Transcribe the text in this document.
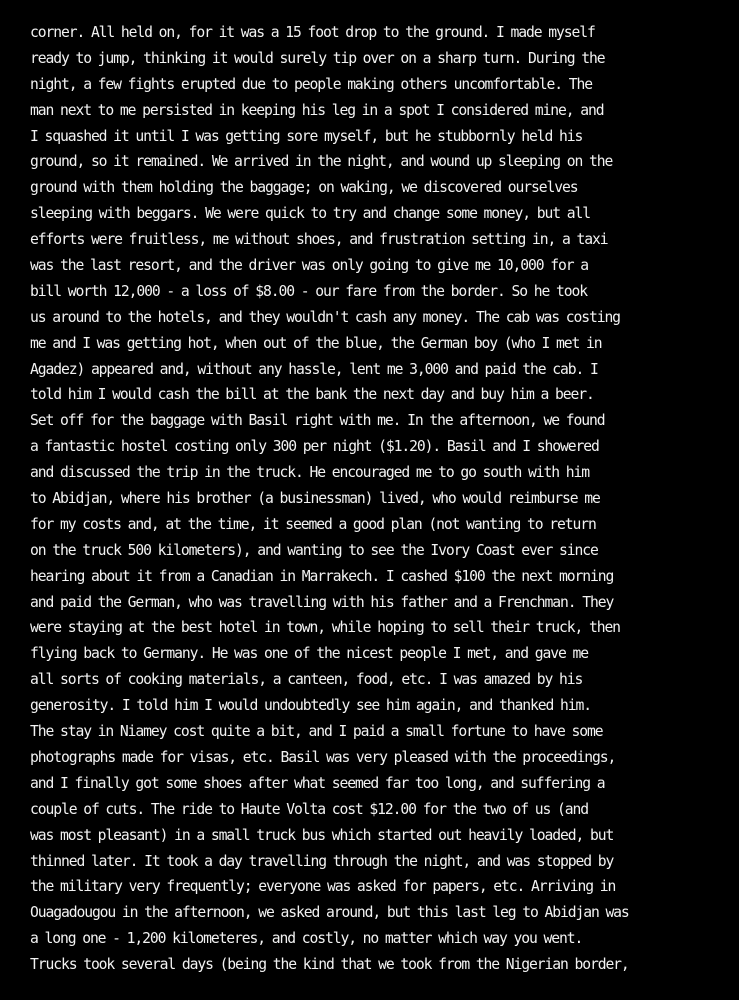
corner. All held on, for it was a 15 foot drop to the ground. I made myself
ready to jump, thinking it would surely tip over on a sharp turn. During the
night, a few fights erupted due to people making others uncomfortable. The
man next to me persisted in keeping his leg in a spot I considered mine, and
I squashed it until I was getting sore myself, but he stubbornly held his
ground, so it remained. We arrived in the night, and wound up sleeping on the
ground with them holding the baggage; on waking, we discovered ourselves
sleeping with beggars. We were quick to try and change some money, but all
efforts were fruitless, me without shoes, and frustration setting in, a taxi
was the last resort, and the driver was only going to give me 10,000 for a
bill worth 12,000 - a loss of $8.00 - our fare from the border. So he took
us around to the hotels, and they wouldn't cash any money. The cab was costing
me and I was getting hot, when out of the blue, the German boy (who I met in
Agadez) appeared and, without any hassle, lent me 3,000 and paid the cab. I
told him I would cash the bill at the bank the next day and buy him a beer.
Set off for the baggage with Basil right with me. In the afternoon, we found
a fantastic hostel costing only 300 per night ($1.20). Basil and I showered
and discussed the trip in the truck. He encouraged me to go south with him
to Abidjan, where his brother (a businessman) lived, who would reimburse me
for my costs and, at the time, it seemed a good plan (not wanting to return
on the truck 500 kilometers), and wanting to see the Ivory Coast ever since
hearing about it from a Canadian in Marrakech. I cashed $100 the next morning
and paid the German, who was travelling with his father and a Frenchman. They
were staying at the best hotel in town, while hoping to sell their truck, then
flying back to Germany. He was one of the nicest people I met, and gave me
all sorts of cooking materials, a canteen, food, etc. I was amazed by his
generosity. I told him I would undoubtedly see him again, and thanked him.
The stay in Niamey cost quite a bit, and I paid a small fortune to have some
photographs made for visas, etc. Basil was very pleased with the proceedings,
and I finally got some shoes after what seemed far too long, and suffering a
couple of cuts. The ride to Haute Volta cost $12.00 for the two of us (and
was most pleasant) in a small truck bus which started out heavily loaded, but
thinned later. It took a day travelling through the night, and was stopped by
the military very frequently; everyone was asked for papers, etc. Arriving in
Ouagadougou in the afternoon, we asked around, but this last leg to Abidjan was
a long one - 1,200 kilometeres, and costly, no matter which way you went.
Trucks took several days (being the kind that we took from the Nigerian border,
